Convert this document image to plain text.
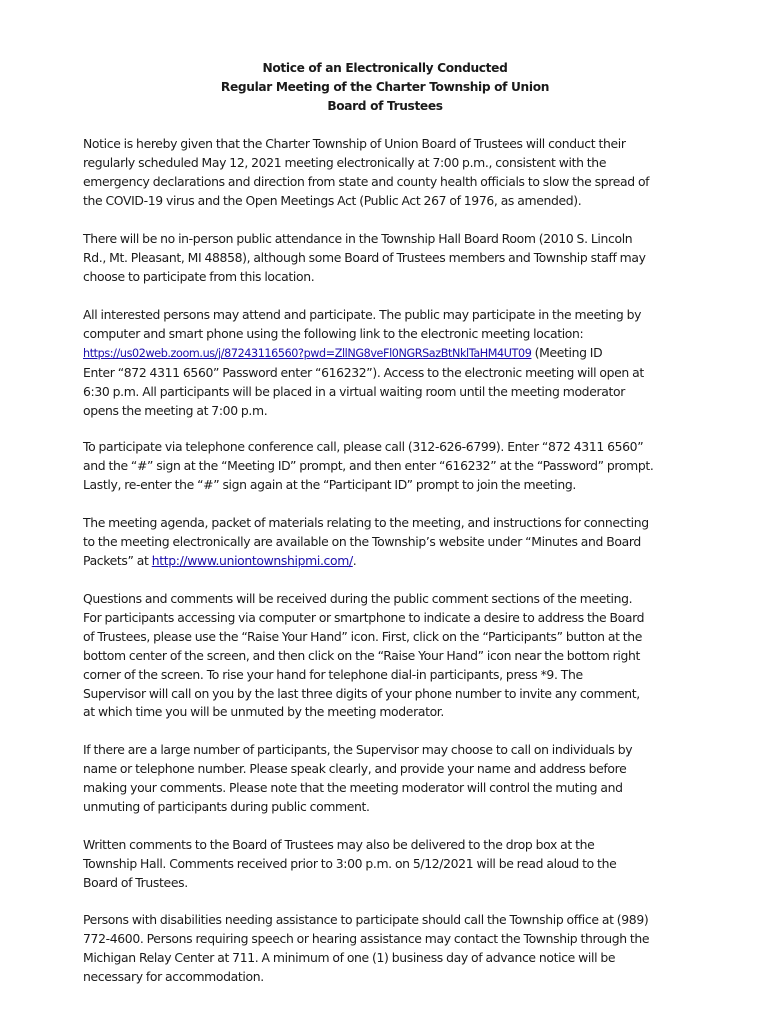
Notice of an Electronically Conducted
Regular Meeting of the Charter Township of Union
Board of Trustees
Notice is hereby given that the Charter Township of Union Board of Trustees will conduct their
regularly scheduled May 12, 2021 meeting electronically at 7:00 p.m., consistent with the
emergency declarations and direction from state and county health officials to slow the spread of
the COVID-19 virus and the Open Meetings Act (Public Act 267 of 1976, as amended).
There will be no in-person public attendance in the Township Hall Board Room (2010 S. Lincoln
Rd., Mt. Pleasant, MI 48858), although some Board of Trustees members and Township staff may
choose to participate from this location.
All interested persons may attend and participate. The public may participate in the meeting by
computer and smart phone using the following link to the electronic meeting location:
https://us02web.zoom.us/j/87243116560?pwd=ZllNG8veFl0NGRSazBtNklTaHM4UT09 (Meeting ID
Enter “872 4311 6560” Password enter “616232”). Access to the electronic meeting will open at
6:30 p.m. All participants will be placed in a virtual waiting room until the meeting moderator
opens the meeting at 7:00 p.m.
To participate via telephone conference call, please call (312-626-6799). Enter “872 4311 6560”
and the “#” sign at the “Meeting ID” prompt, and then enter “616232” at the “Password” prompt.
Lastly, re-enter the “#” sign again at the “Participant ID” prompt to join the meeting.
The meeting agenda, packet of materials relating to the meeting, and instructions for connecting
to the meeting electronically are available on the Township’s website under “Minutes and Board
Packets” at http://www.uniontownshipmi.com/.
Questions and comments will be received during the public comment sections of the meeting.
For participants accessing via computer or smartphone to indicate a desire to address the Board
of Trustees, please use the “Raise Your Hand” icon. First, click on the “Participants” button at the
bottom center of the screen, and then click on the “Raise Your Hand” icon near the bottom right
corner of the screen. To rise your hand for telephone dial-in participants, press *9. The
Supervisor will call on you by the last three digits of your phone number to invite any comment,
at which time you will be unmuted by the meeting moderator.
If there are a large number of participants, the Supervisor may choose to call on individuals by
name or telephone number. Please speak clearly, and provide your name and address before
making your comments. Please note that the meeting moderator will control the muting and
unmuting of participants during public comment.
Written comments to the Board of Trustees may also be delivered to the drop box at the
Township Hall. Comments received prior to 3:00 p.m. on 5/12/2021 will be read aloud to the
Board of Trustees.
Persons with disabilities needing assistance to participate should call the Township office at (989)
772-4600. Persons requiring speech or hearing assistance may contact the Township through the
Michigan Relay Center at 711. A minimum of one (1) business day of advance notice will be
necessary for accommodation.
